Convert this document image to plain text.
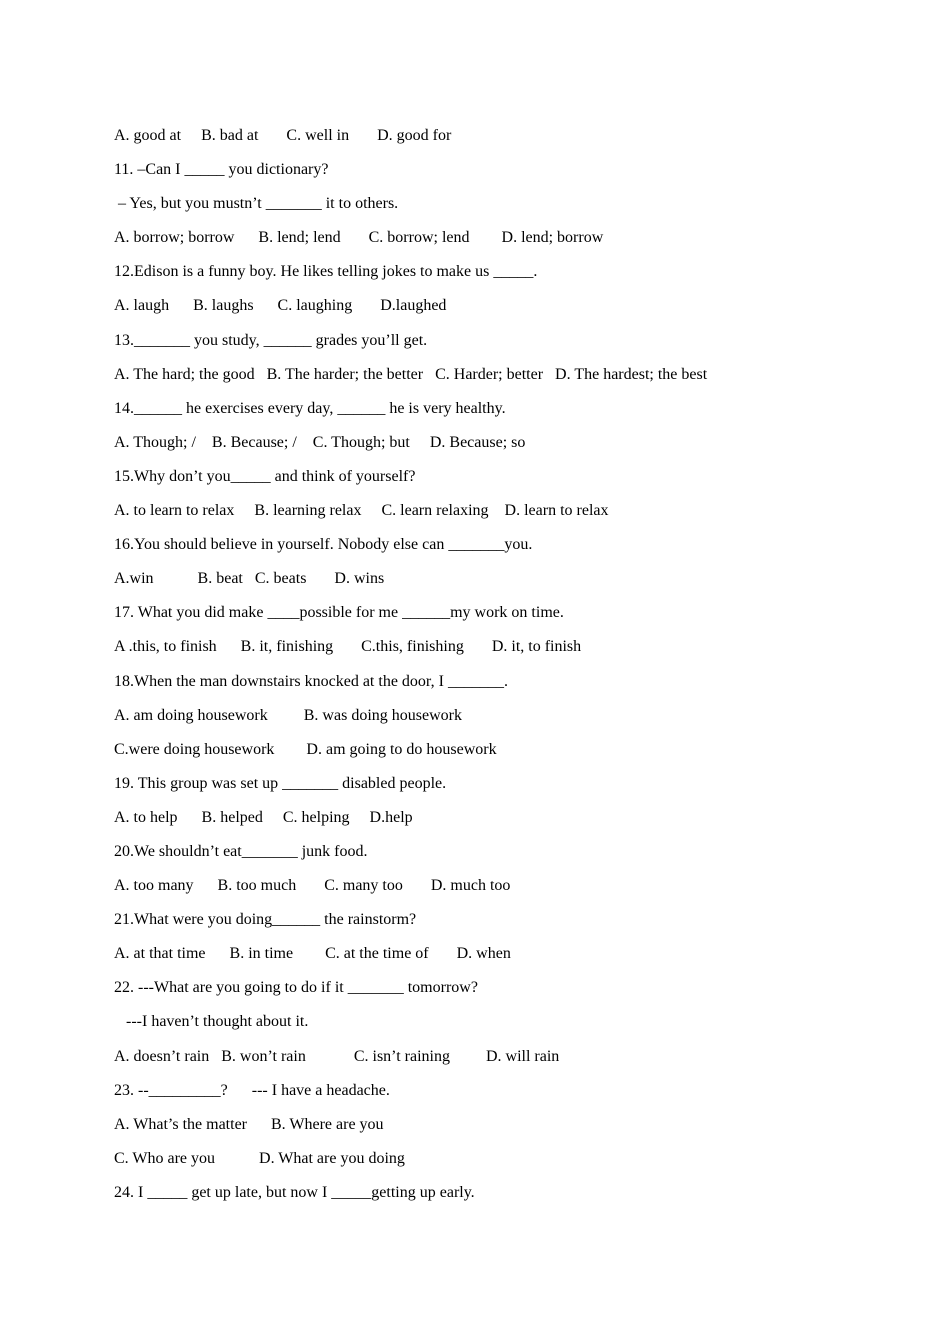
A. good at     B. bad at       C. well in       D. good for
11. –Can I _____ you dictionary?
– Yes, but you mustn’t _______ it to others.
A. borrow; borrow      B. lend; lend       C. borrow; lend        D. lend; borrow
12.Edison is a funny boy. He likes telling jokes to make us _____.
A. laugh      B. laughs      C. laughing       D.laughed
13._______ you study, ______ grades you’ll get.
A. The hard; the good   B. The harder; the better   C. Harder; better   D. The hardest; the best
14.______ he exercises every day, ______ he is very healthy.
A. Though; /    B. Because; /    C. Though; but     D. Because; so
15.Why don’t you_____ and think of yourself?
A. to learn to relax     B. learning relax     C. learn relaxing    D. learn to relax
16.You should believe in yourself. Nobody else can _______you.
A.win           B. beat   C. beats       D. wins
17. What you did make ____possible for me ______my work on time.
A .this, to finish      B. it, finishing       C.this, finishing       D. it, to finish
18.When the man downstairs knocked at the door, I _______.
A. am doing housework         B. was doing housework
C.were doing housework        D. am going to do housework
19. This group was set up _______ disabled people.
A. to help      B. helped     C. helping     D.help
20.We shouldn’t eat_______ junk food.
A. too many      B. too much       C. many too       D. much too
21.What were you doing______ the rainstorm?
A. at that time      B. in time        C. at the time of       D. when
22. ---What are you going to do if it _______ tomorrow?
---I haven’t thought about it.
A. doesn’t rain   B. won’t rain            C. isn’t raining         D. will rain
23. --_________?      --- I have a headache.
A. What’s the matter      B. Where are you
C. Who are you           D. What are you doing
24. I _____ get up late, but now I _____getting up early.
